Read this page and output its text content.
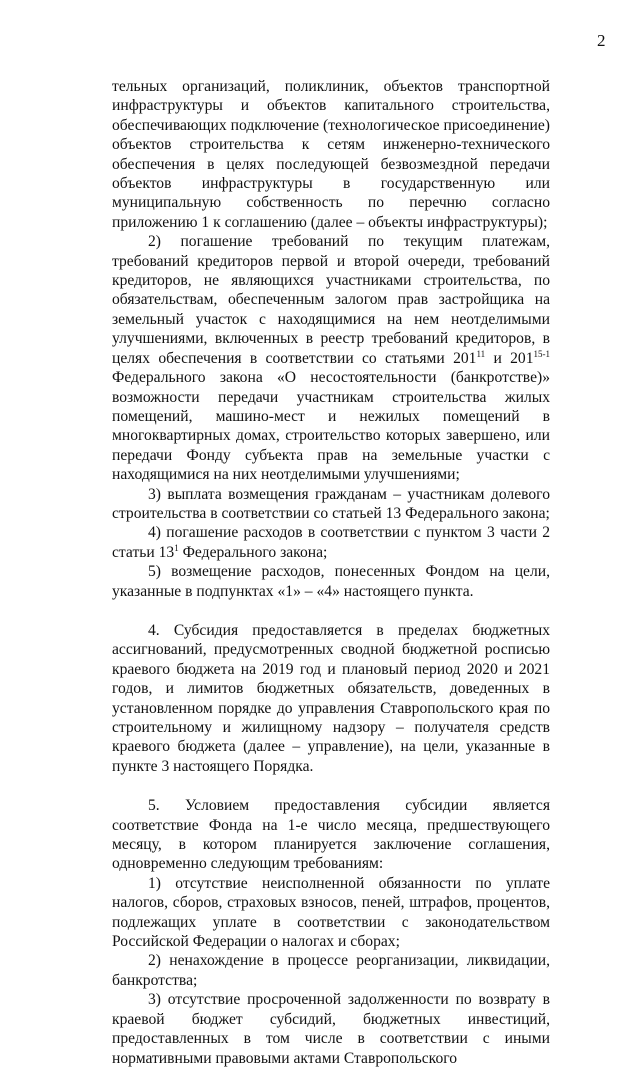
2

тельных организаций, поликлиник, объектов транспортной инфраструктуры и объектов капитального строительства, обеспечивающих подключение (технологическое присоединение) объектов строительства к сетям инженерно-технического обеспечения в целях последующей безвозмездной передачи объектов инфраструктуры в государственную или муниципальную собственность по перечню согласно приложению 1 к соглашению (далее – объекты инфраструктуры);

2) погашение требований по текущим платежам, требований кредиторов первой и второй очереди, требований кредиторов, не являющихся участниками строительства, по обязательствам, обеспеченным залогом прав застройщика на земельный участок с находящимися на нем неотделимыми улучшениями, включенных в реестр требований кредиторов, в целях обеспечения в соответствии со статьями $201^{11}$ и 201$^{15-1}$ Федерального закона «О несостоятельности (банкротстве)» возможности передачи участникам строительства жилых помещений, машино-мест и нежилых помещений в многоквартирных домах, строительство которых завершено, или передачи Фонду субъекта прав на земельные участки с находящимися на них неотделимыми улучшениями;

3) выплата возмещения гражданам – участникам долевого строительства в соответствии со статьей 13 Федерального закона;

4) погашение расходов в соответствии с пунктом 3 части 2 статьи $13^1$ Федерального закона;

5) возмещение расходов, понесенных Фондом на цели, указанные в подпунктах «1» – «4» настоящего пункта.

4. Субсидия предоставляется в пределах бюджетных ассигнований, предусмотренных сводной бюджетной росписью краевого бюджета на 2019 год и плановый период 2020 и 2021 годов, и лимитов бюджетных обязательств, доведенных в установленном порядке до управления Ставропольского края по строительному и жилищному надзору – получателя средств краевого бюджета (далее – управление), на цели, указанные в пункте 3 настоящего Порядка.

5. Условием предоставления субсидии является соответствие Фонда на 1-е число месяца, предшествующего месяцу, в котором планируется заключение соглашения, одновременно следующим требованиям:

1) отсутствие неисполненной обязанности по уплате налогов, сборов, страховых взносов, пеней, штрафов, процентов, подлежащих уплате в соответствии с законодательством Российской Федерации о налогах и сборах;

2) ненахождение в процессе реорганизации, ликвидации, банкротства;

3) отсутствие просроченной задолженности по возврату в краевой бюджет субсидий, бюджетных инвестиций, предоставленных в том числе в соответствии с иными нормативными правовыми актами Ставропольского
